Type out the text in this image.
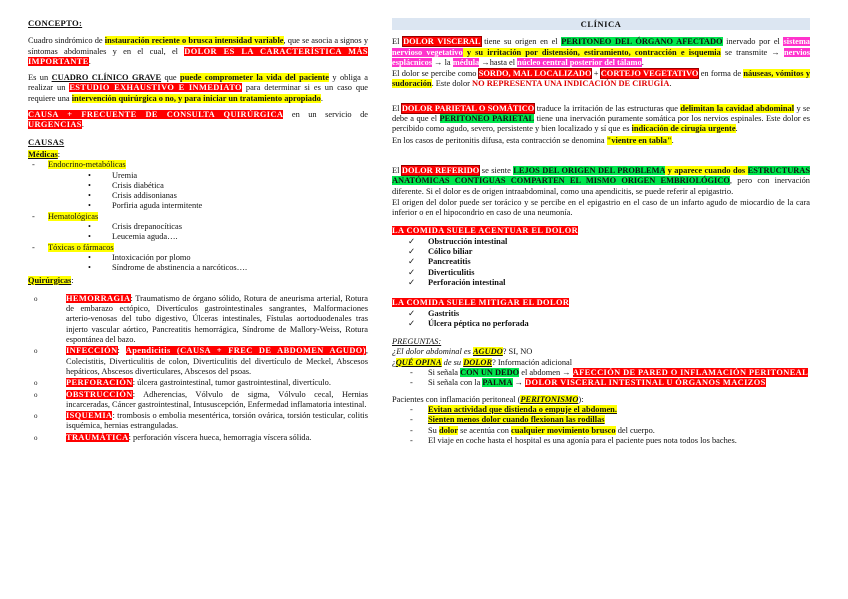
CONCEPTO:

Cuadro sindrómico de instauración reciente o brusca intensidad variable, que se asocia a signos y síntomas abdominales y en el cual, el DOLOR ES LA CARACTERÍSTICA MÁS IMPORTANTE.

Es un CUADRO CLÍNICO GRAVE que puede comprometer la vida del paciente y obliga a realizar un ESTUDIO EXHAUSTIVO E INMEDIATO para determinar si es un caso que requiere una intervención quirúrgica o no, y para iniciar un tratamiento apropiado.

CAUSA + FRECUENTE DE CONSULTA QUIRÚRGICA en un servicio de URGENCIAS.

CAUSAS
Médicas:
- Endocrino-metabólicas
• Uremia
• Crisis diabética
• Crisis addisonianas
• Porfiria aguda intermitente
- Hematológicas
• Crisis drepanocíticas
• Leucemia aguda….
- Tóxicas o fármacos
• Intoxicación por plomo
• Síndrome de abstinencia a narcóticos….
Quirúrgicas:
o HEMORRAGIA: Traumatismo de órgano sólido, Rotura de aneurisma arterial, Rotura de embarazo ectópico, Divertículos gastrointestinales sangrantes, Malformaciones arterio-venosas del tubo digestivo, Úlceras intestinales, Fístulas aortoduodenales tras injerto vascular aórtico, Pancreatitis hemorrágica, Síndrome de Mallory-Weiss, Rotura espontánea del bazo.
o INFECCIÓN: Apendicitis (CAUSA + FREC DE ABDOMEN AGUDO), Colecistitis, Diverticulitis de colon, Diverticulitis del divertículo de Meckel, Abscesos hepáticos, Abscesos diverticulares, Abscesos del psoas.
o PERFORACIÓN: úlcera gastrointestinal, tumor gastrointestinal, divertículo.
o OBSTRUCCIÓN: Adherencias, Vólvulo de sigma, Vólvulo cecal, Hernias incarceradas, Cáncer gastrointestinal, Intususcepción, Enfermedad inflamatoria intestinal.
o ISQUEMIA: trombosis o embolia mesentérica, torsión ovárica, torsión testicular, colitis isquémica, hernias estranguladas.
o TRAUMÁTICA: perforación víscera hueca, hemorragia víscera sólida.
CLÍNICA

El DOLOR VISCERAL tiene su origen en el PERITONEO DEL ÓRGANO AFECTADO inervado por el sistema nervioso vegetativo y su irritación por distensión, estiramiento, contracción e isquemia se transmite → nervios esplácnicos → la médula →hasta el núcleo central posterior del tálamo.

El dolor se percibe como SORDO, MAL LOCALIZADO + CORTEJO VEGETATIVO en forma de náuseas, vómitos y sudoración. Este dolor NO REPRESENTA UNA INDICACIÓN DE CIRUGÍA.

El DOLOR PARIETAL O SOMÁTICO traduce la irritación de las estructuras que delimitan la cavidad abdominal y se debe a que el PERITONEO PARIETAL tiene una inervación puramente somática por los nervios espinales. Este dolor es percibido como agudo, severo, persistente y bien localizado y sí que es indicación de cirugía urgente.

En los casos de peritonitis difusa, esta contracción se denomina "vientre en tabla".

El DOLOR REFERIDO se siente LEJOS DEL ORIGEN DEL PROBLEMA y aparece cuando dos ESTRUCTURAS ANATÓMICAS CONTIGUAS COMPARTEN EL MISMO ORIGEN EMBRIOLÓGICO, pero con inervación diferente. Si el dolor es de origen intraabdominal, como una apendicitis, se puede referir al epigastrio.

El origen del dolor puede ser torácico y se percibe en el epigastrio en el caso de un infarto agudo de miocardio de la cara inferior o en el hipocondrio en caso de una neumonía.

LA COMIDA SUELE ACENTUAR EL DOLOR
✓ Obstrucción intestinal
✓ Cólico biliar
✓ Pancreatitis
✓ Diverticulitis
✓ Perforación intestinal
LA COMIDA SUELE MITIGAR EL DOLOR
✓ Gastritis
✓ Úlcera péptica no perforada
PREGUNTAS:
¿El dolor abdominal es AGUDO? SI, NO
¿QUÉ OPINA de su DOLOR? Información adicional
- Si señala CON UN DEDO el abdomen → AFECCIÓN DE PARED O INFLAMACIÓN PERITONEAL
- Si señala con la PALMA → DOLOR VISCERAL INTESTINAL U ÓRGANOS MACIZOS
Pacientes con inflamación peritoneal (PERITONISMO):
- Evitan actividad que distienda o empuje el abdomen.
- Sienten menos dolor cuando flexionan las rodillas
- Su dolor se acentúa con cualquier movimiento brusco del cuerpo.
- El viaje en coche hasta el hospital es una agonía para el paciente pues nota todos los baches.
